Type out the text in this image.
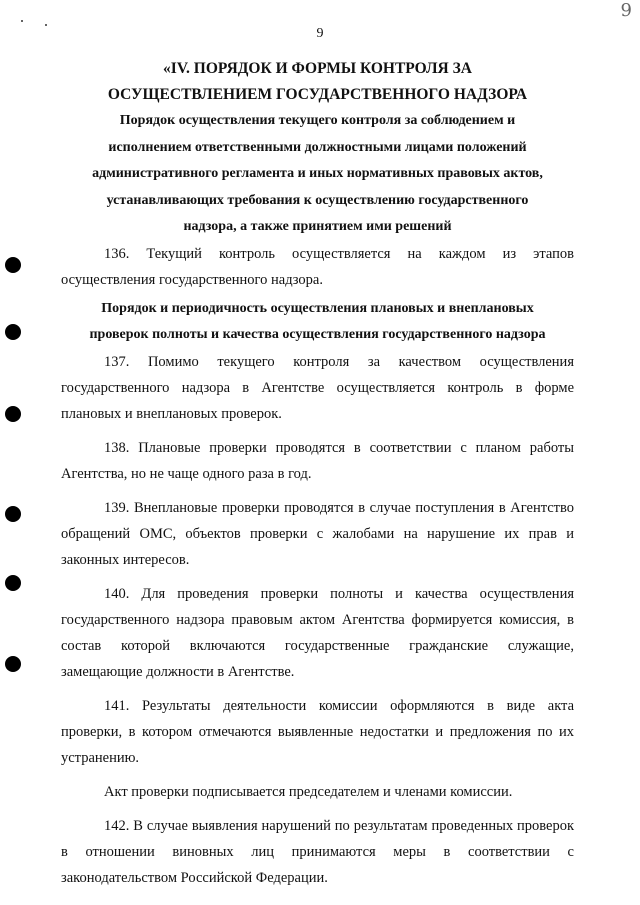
9
9
«IV. ПОРЯДОК И ФОРМЫ КОНТРОЛЯ ЗА
ОСУЩЕСТВЛЕНИЕМ ГОСУДАРСТВЕННОГО НАДЗОРА
Порядок осуществления текущего контроля за соблюдением и
исполнением ответственными должностными лицами положений
административного регламента и иных нормативных правовых актов,
устанавливающих требования к осуществлению государственного
надзора, а также принятием ими решений

136. Текущий контроль осуществляется на каждом из этапов осуществления государственного надзора.

Порядок и периодичность осуществления плановых и внеплановых
проверок полноты и качества осуществления государственного надзора

137. Помимо текущего контроля за качеством осуществления государственного надзора в Агентстве осуществляется контроль в форме плановых и внеплановых проверок.

138. Плановые проверки проводятся в соответствии с планом работы Агентства, но не чаще одного раза в год.

139. Внеплановые проверки проводятся в случае поступления в Агентство обращений ОМС, объектов проверки с жалобами на нарушение их прав и законных интересов.

140. Для проведения проверки полноты и качества осуществления государственного надзора правовым актом Агентства формируется комиссия, в состав которой включаются государственные гражданские служащие, замещающие должности в Агентстве.

141. Результаты деятельности комиссии оформляются в виде акта проверки, в котором отмечаются выявленные недостатки и предложения по их устранению.

Акт проверки подписывается председателем и членами комиссии.

142. В случае выявления нарушений по результатам проведенных проверок в отношении виновных лиц принимаются меры в соответствии с законодательством Российской Федерации.
